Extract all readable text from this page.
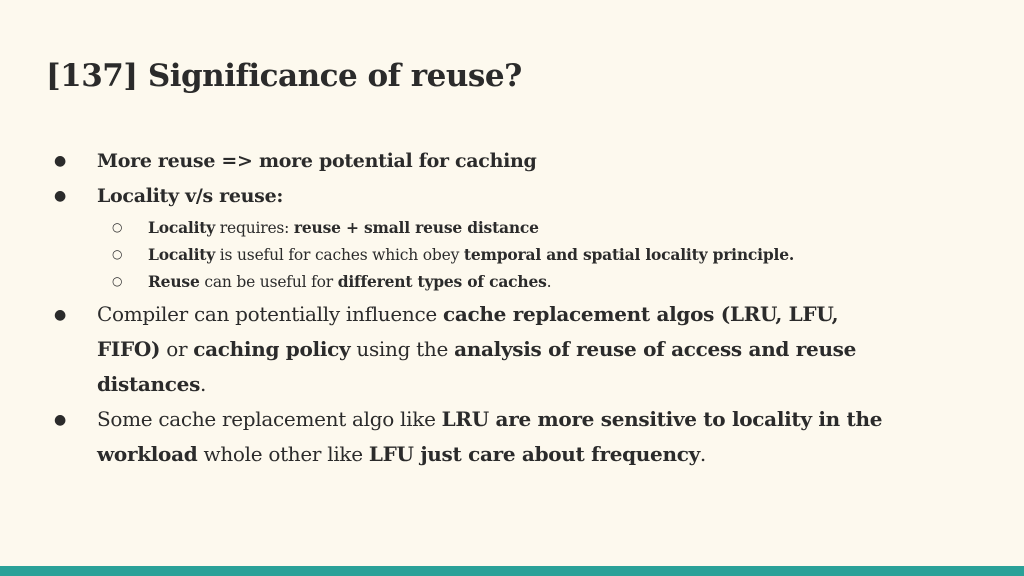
[137] Significance of reuse?
● More reuse => more potential for caching
● Locality v/s reuse:
○ Locality requires: reuse + small reuse distance
○ Locality is useful for caches which obey temporal and spatial locality principle.
○ Reuse can be useful for different types of caches.
● Compiler can potentially influence cache replacement algos (LRU, LFU,
FIFO) or caching policy using the analysis of reuse of access and reuse
distances.
● Some cache replacement algo like LRU are more sensitive to locality in the
workload whole other like LFU just care about frequency.
